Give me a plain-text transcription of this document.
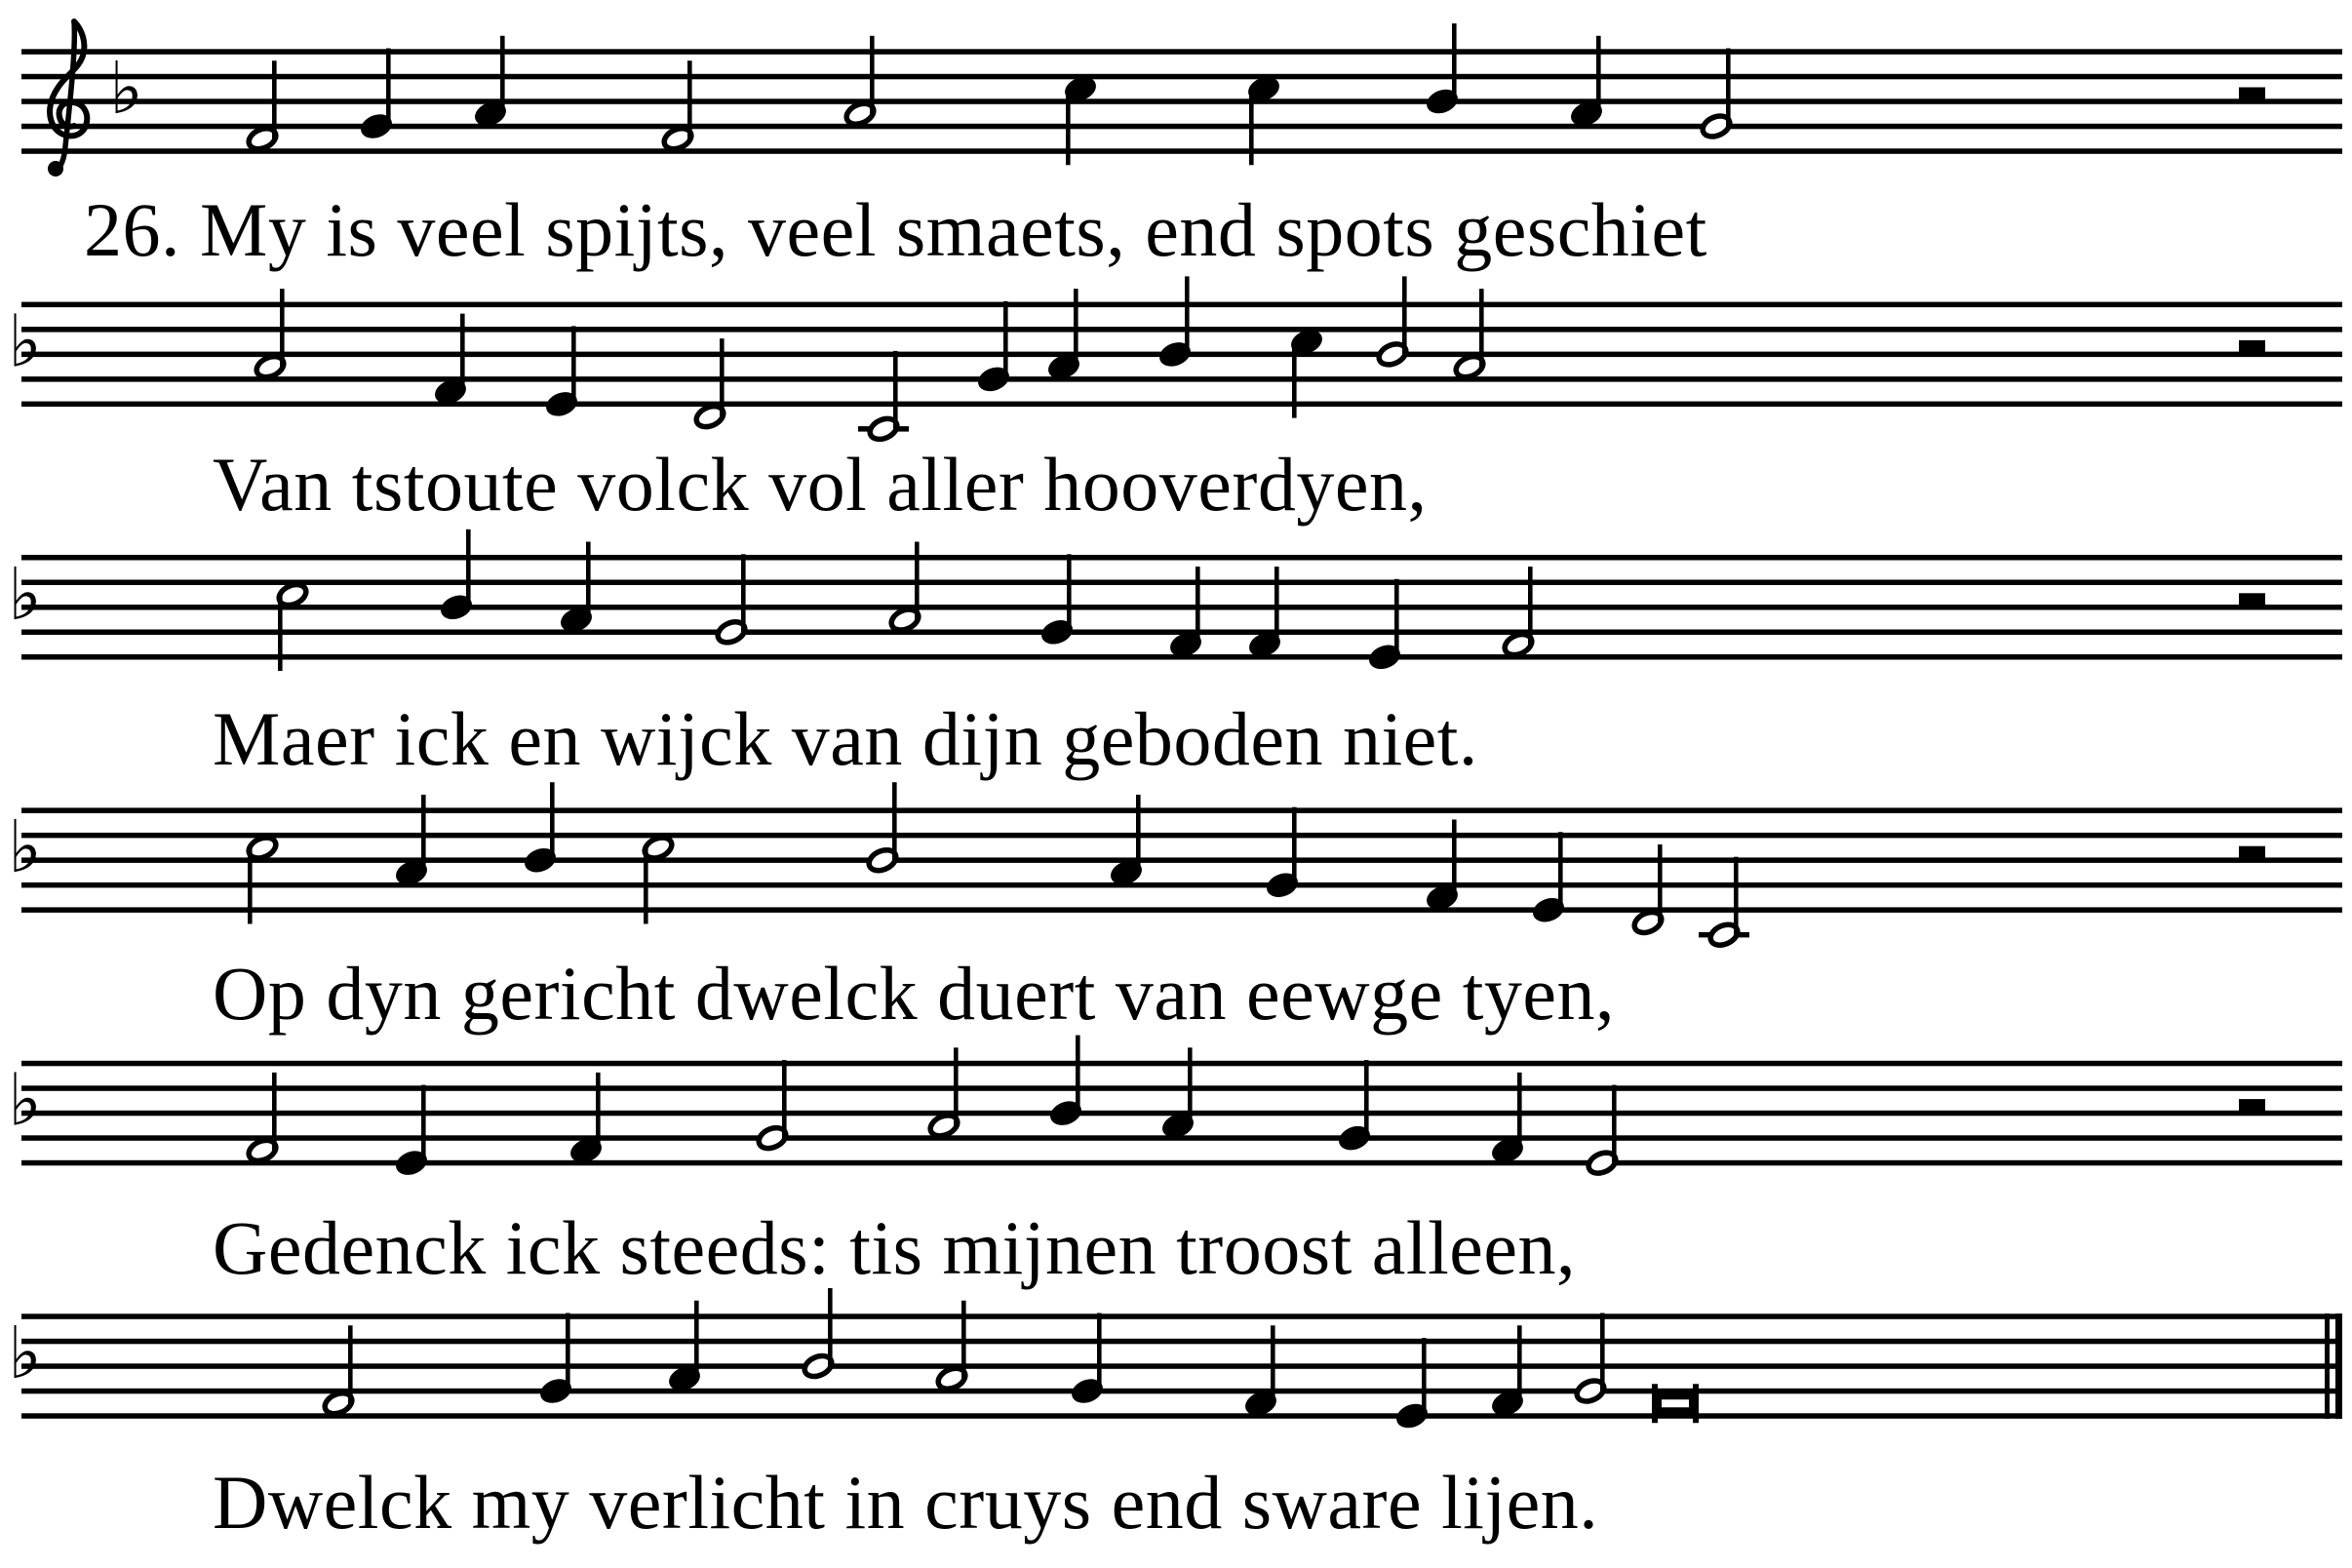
♭
♭
♭
♭
♭
♭
26. My is veel spijts, veel smaets, end spots geschiet
Van tstoute volck vol aller hooverdyen,
Maer ick en wijck van dijn geboden niet.
Op dyn gericht dwelck duert van eewge tyen,
Gedenck ick steeds: tis mijnen troost alleen,
Dwelck my verlicht in cruys end sware lijen.
